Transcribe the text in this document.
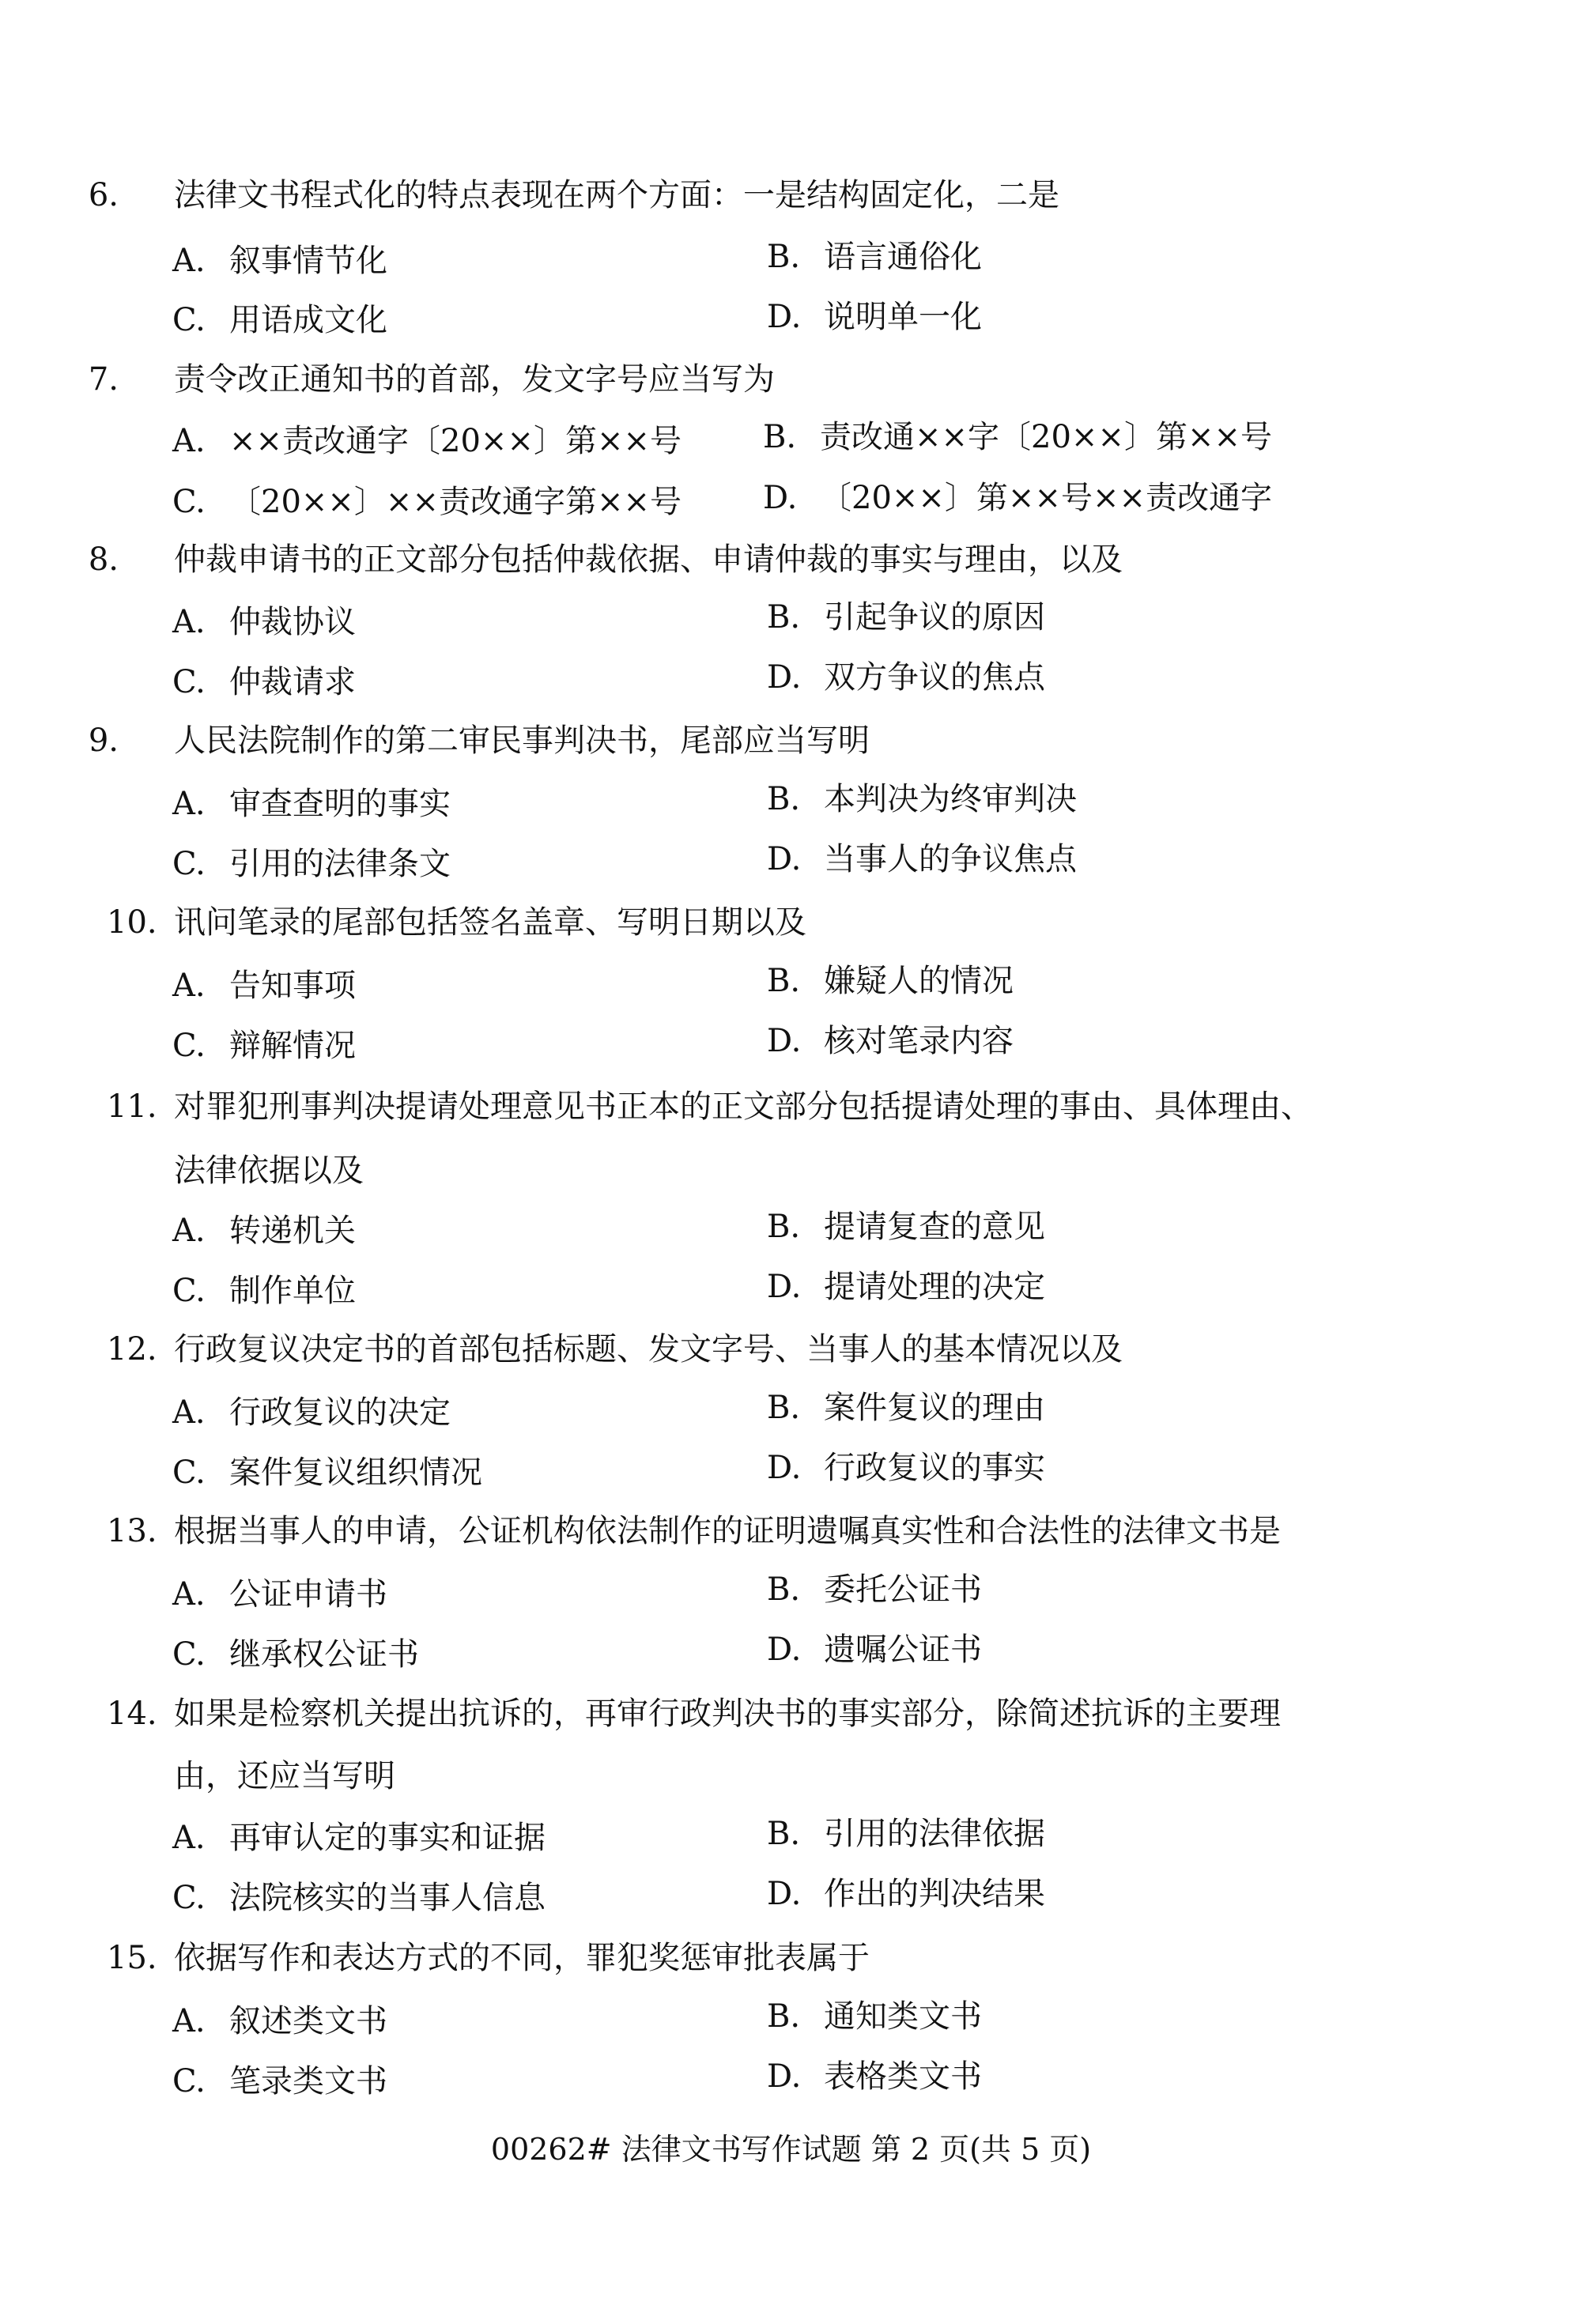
6. 法律文书程式化的特点表现在两个方面：一是结构固定化，二是
A. 叙事情节化	B. 语言通俗化
C. 用语成文化	D. 说明单一化
7. 责令改正通知书的首部，发文字号应当写为
A. ××责改通字〔20××〕第××号	B. 责改通××字〔20××〕第××号
C. 〔20××〕××责改通字第××号	D. 〔20××〕第××号××责改通字
8. 仲裁申请书的正文部分包括仲裁依据、申请仲裁的事实与理由，以及
A. 仲裁协议	B. 引起争议的原因
C. 仲裁请求	D. 双方争议的焦点
9. 人民法院制作的第二审民事判决书，尾部应当写明
A. 审查查明的事实	B. 本判决为终审判决
C. 引用的法律条文	D. 当事人的争议焦点
10. 讯问笔录的尾部包括签名盖章、写明日期以及
A. 告知事项	B. 嫌疑人的情况
C. 辩解情况	D. 核对笔录内容
11. 对罪犯刑事判决提请处理意见书正本的正文部分包括提请处理的事由、具体理由、
法律依据以及
A. 转递机关	B. 提请复查的意见
C. 制作单位	D. 提请处理的决定
12. 行政复议决定书的首部包括标题、发文字号、当事人的基本情况以及
A. 行政复议的决定	B. 案件复议的理由
C. 案件复议组织情况	D. 行政复议的事实
13. 根据当事人的申请，公证机构依法制作的证明遗嘱真实性和合法性的法律文书是
A. 公证申请书	B. 委托公证书
C. 继承权公证书	D. 遗嘱公证书
14. 如果是检察机关提出抗诉的，再审行政判决书的事实部分，除简述抗诉的主要理
由，还应当写明
A. 再审认定的事实和证据	B. 引用的法律依据
C. 法院核实的当事人信息	D. 作出的判决结果
15. 依据写作和表达方式的不同，罪犯奖惩审批表属于
A. 叙述类文书	B. 通知类文书
C. 笔录类文书	D. 表格类文书
00262# 法律文书写作试题 第 2 页(共 5 页)
